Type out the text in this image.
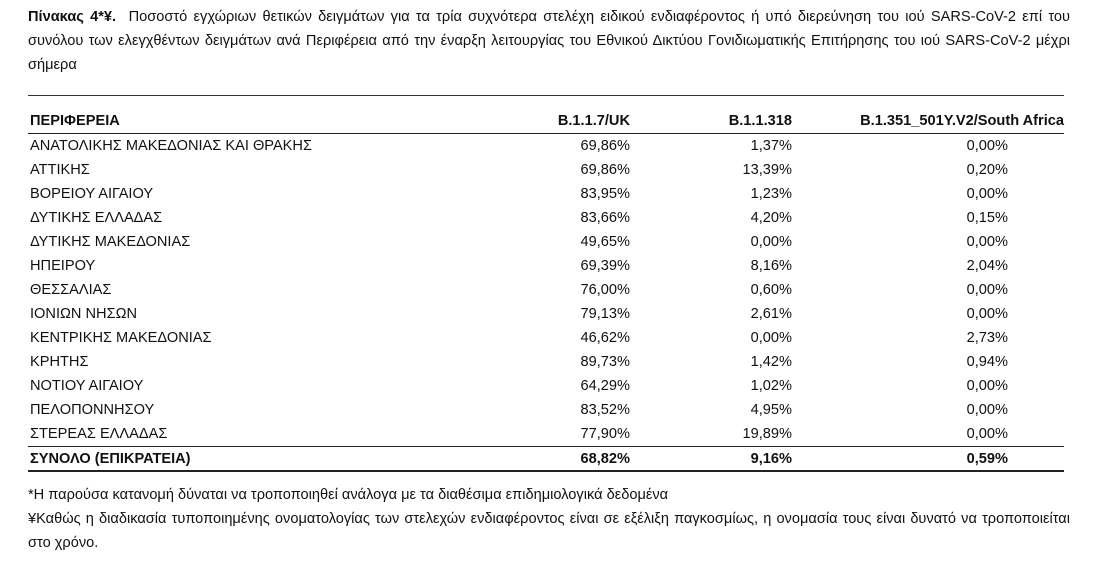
Πίνακας 4*¥. Ποσοστό εγχώριων θετικών δειγμάτων για τα τρία συχνότερα στελέχη ειδικού ενδιαφέροντος ή υπό διερεύνηση του ιού SARS-CoV-2 επί του συνόλου των ελεγχθέντων δειγμάτων ανά Περιφέρεια από την έναρξη λειτουργίας του Εθνικού Δικτύου Γονιδιωματικής Επιτήρησης του ιού SARS-CoV-2 μέχρι σήμερα
ΠΕΡΙΦΕΡΕΙΑ	B.1.1.7/UK	B.1.1.318	B.1.351_501Y.V2/South Africa
ΑΝΑΤΟΛΙΚΗΣ ΜΑΚΕΔΟΝΙΑΣ ΚΑΙ ΘΡΑΚΗΣ	69,86%	1,37%	0,00%
ΑΤΤΙΚΗΣ	69,86%	13,39%	0,20%
ΒΟΡΕΙΟΥ ΑΙΓΑΙΟΥ	83,95%	1,23%	0,00%
ΔΥΤΙΚΗΣ ΕΛΛΑΔΑΣ	83,66%	4,20%	0,15%
ΔΥΤΙΚΗΣ ΜΑΚΕΔΟΝΙΑΣ	49,65%	0,00%	0,00%
ΗΠΕΙΡΟΥ	69,39%	8,16%	2,04%
ΘΕΣΣΑΛΙΑΣ	76,00%	0,60%	0,00%
ΙΟΝΙΩΝ ΝΗΣΩΝ	79,13%	2,61%	0,00%
ΚΕΝΤΡΙΚΗΣ ΜΑΚΕΔΟΝΙΑΣ	46,62%	0,00%	2,73%
ΚΡΗΤΗΣ	89,73%	1,42%	0,94%
ΝΟΤΙΟΥ ΑΙΓΑΙΟΥ	64,29%	1,02%	0,00%
ΠΕΛΟΠΟΝΝΗΣΟΥ	83,52%	4,95%	0,00%
ΣΤΕΡΕΑΣ ΕΛΛΑΔΑΣ	77,90%	19,89%	0,00%
ΣΥΝΟΛΟ (ΕΠΙΚΡΑΤΕΙΑ)	68,82%	9,16%	0,59%
*Η παρούσα κατανομή δύναται να τροποποιηθεί ανάλογα με τα διαθέσιμα επιδημιολογικά δεδομένα
¥Καθώς η διαδικασία τυποποιημένης ονοματολογίας των στελεχών ενδιαφέροντος είναι σε εξέλιξη παγκοσμίως, η ονομασία τους είναι δυνατό να τροποποιείται στο χρόνο.
